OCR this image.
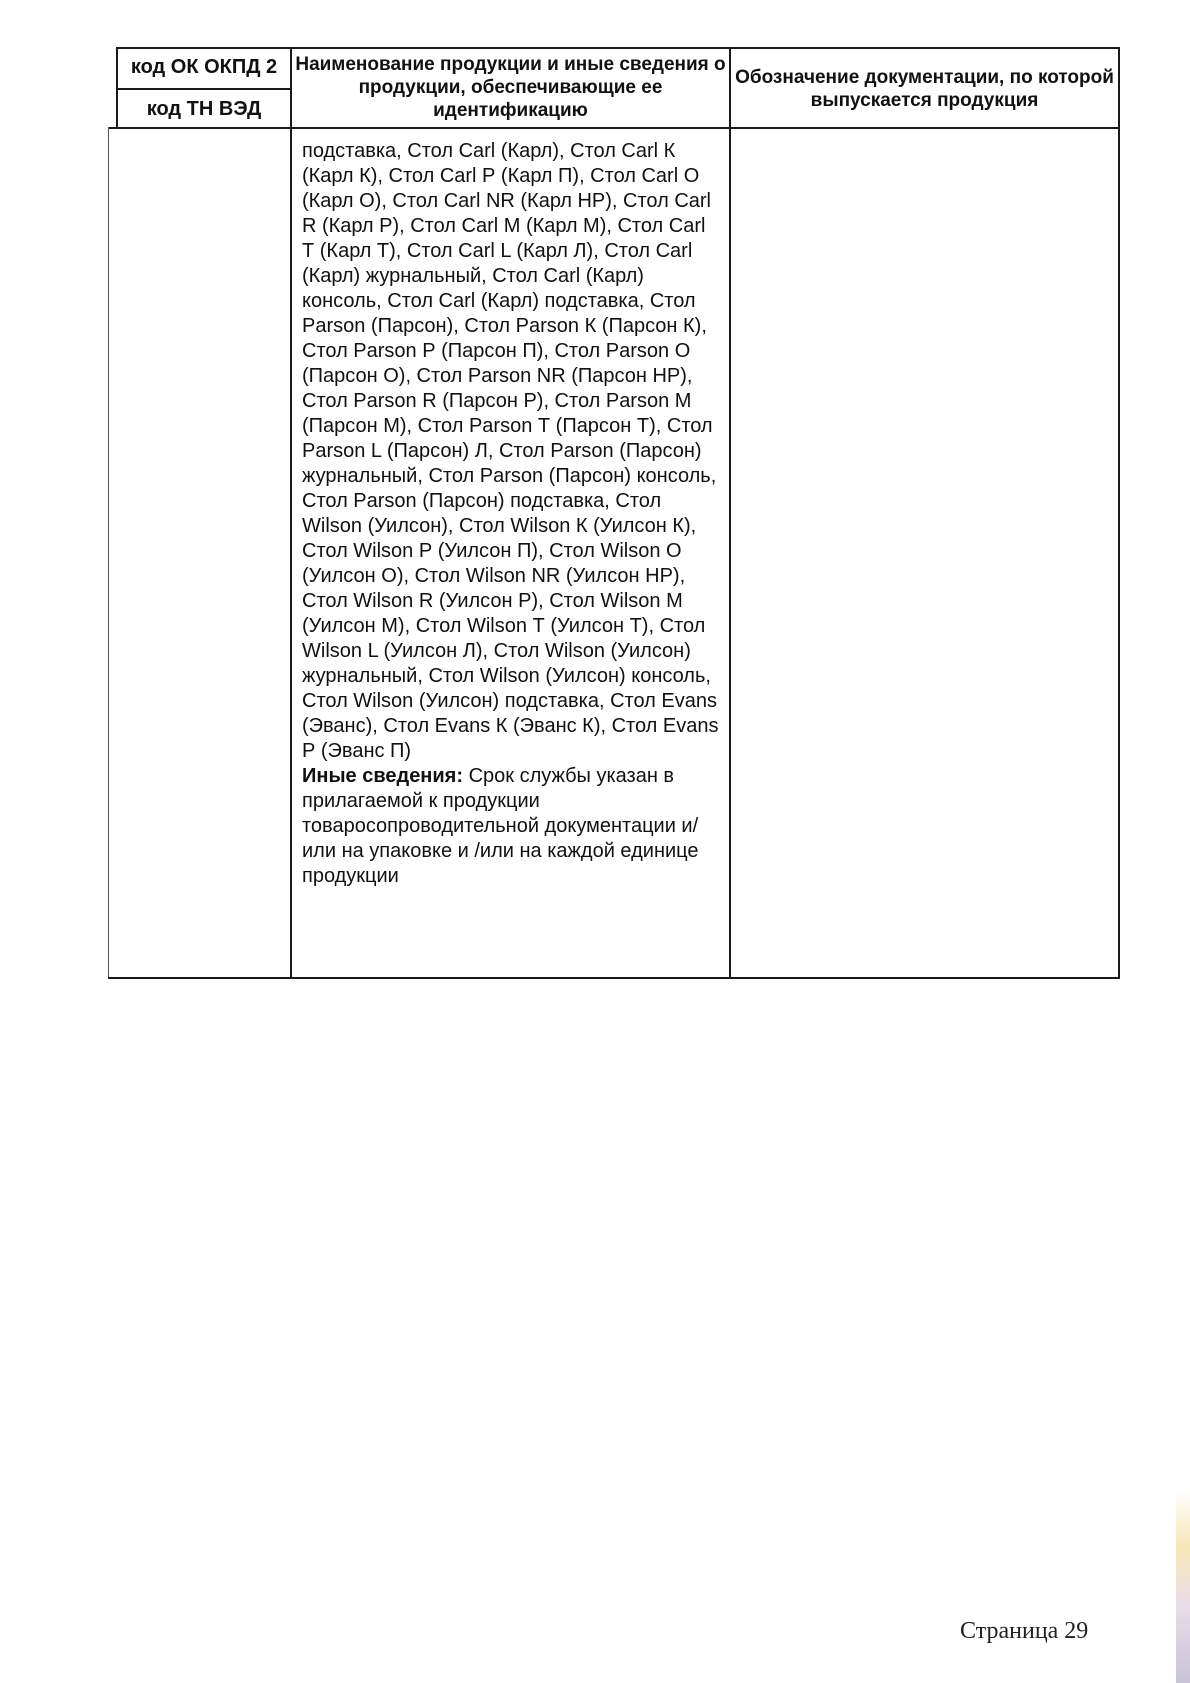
код ОК ОКПД 2
код ТН ВЭД
Наименование продукции и иные сведения о продукции, обеспечивающие ее идентификацию
Обозначение документации, по которой выпускается продукция
подставка, Стол Carl (Карл), Стол Carl К (Карл К), Стол Carl Р (Карл П), Стол Carl О (Карл О), Стол Carl NR (Карл НР), Стол Carl R (Карл Р), Стол Carl М (Карл М), Стол Carl Т (Карл Т), Стол Carl L (Карл Л), Стол Carl (Карл) журнальный, Стол Carl (Карл) консоль, Стол Carl (Карл) подставка, Стол Parson (Парсон), Стол Parson К (Парсон К), Стол Parson Р (Парсон П), Стол Parson О (Парсон О), Стол Parson NR (Парсон НР), Стол Parson R (Парсон Р), Стол Parson М (Парсон М), Стол Parson Т (Парсон Т), Стол Parson L (Парсон) Л, Стол Parson (Парсон) журнальный, Стол Parson (Парсон) консоль, Стол Parson (Парсон) подставка, Стол Wilson (Уилсон), Стол Wilson К (Уилсон К), Стол Wilson Р (Уилсон П), Стол Wilson О (Уилсон О), Стол Wilson NR (Уилсон НР), Стол Wilson R (Уилсон Р), Стол Wilson М (Уилсон М), Стол Wilson Т (Уилсон Т), Стол Wilson L (Уилсон Л), Стол Wilson (Уилсон) журнальный, Стол Wilson (Уилсон) консоль, Стол Wilson (Уилсон) подставка, Стол Evans (Эванс), Стол Evans К (Эванс К), Стол Evans Р (Эванс П)
Иные сведения: Срок службы указан в прилагаемой к продукции товаросопроводительной документации и/или на упаковке и /или на каждой единице продукции
Страница 29
